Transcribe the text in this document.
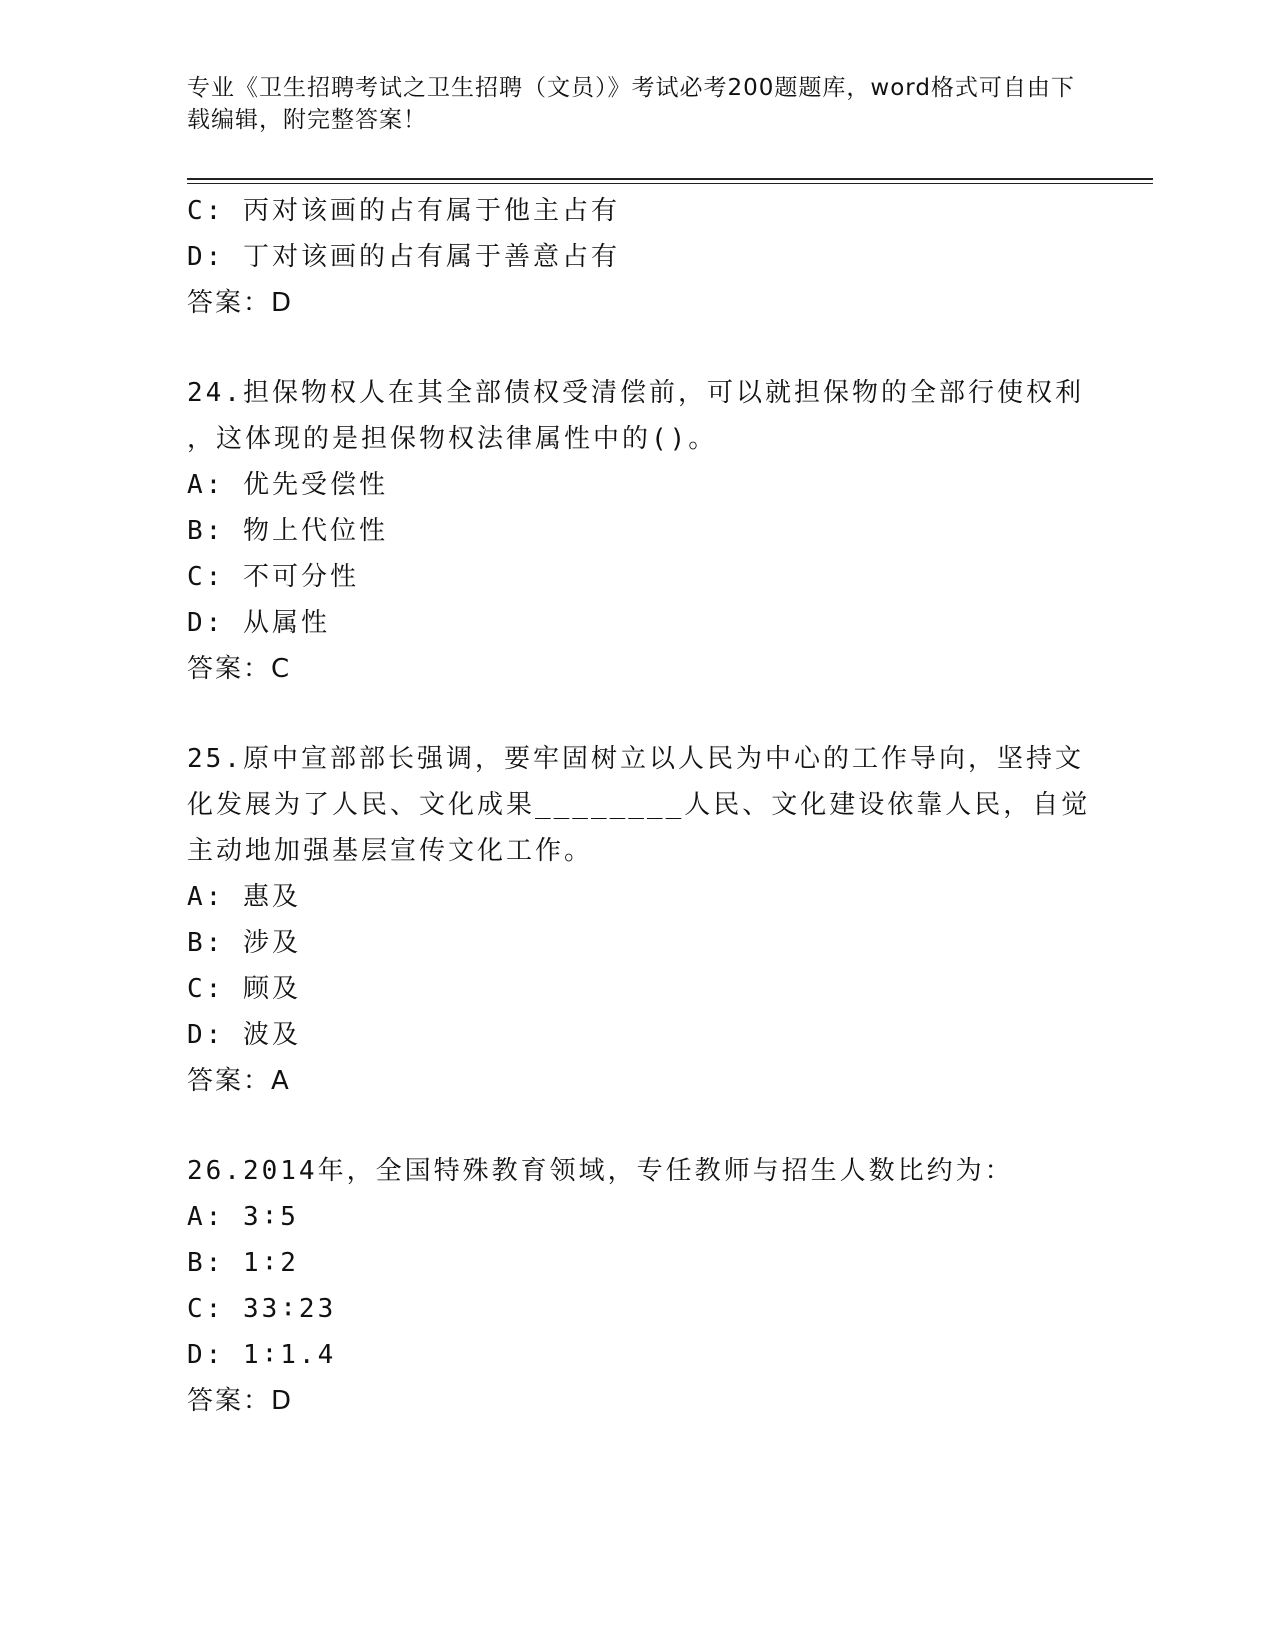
专业《卫生招聘考试之卫生招聘（文员）》考试必考200题题库，word格式可自由下载编辑，附完整答案！
C: 丙对该画的占有属于他主占有
D: 丁对该画的占有属于善意占有
答案：D
24.担保物权人在其全部债权受清偿前，可以就担保物的全部行使权利
，这体现的是担保物权法律属性中的()。
A: 优先受偿性
B: 物上代位性
C: 不可分性
D: 从属性
答案：C
25.原中宣部部长强调，要牢固树立以人民为中心的工作导向，坚持文
化发展为了人民、文化成果________人民、文化建设依靠人民，自觉
主动地加强基层宣传文化工作。
A: 惠及
B: 涉及
C: 顾及
D: 波及
答案：A
26.2014年，全国特殊教育领域，专任教师与招生人数比约为：
A: 3∶5
B: 1∶2
C: 33∶23
D: 1∶1.4
答案：D
